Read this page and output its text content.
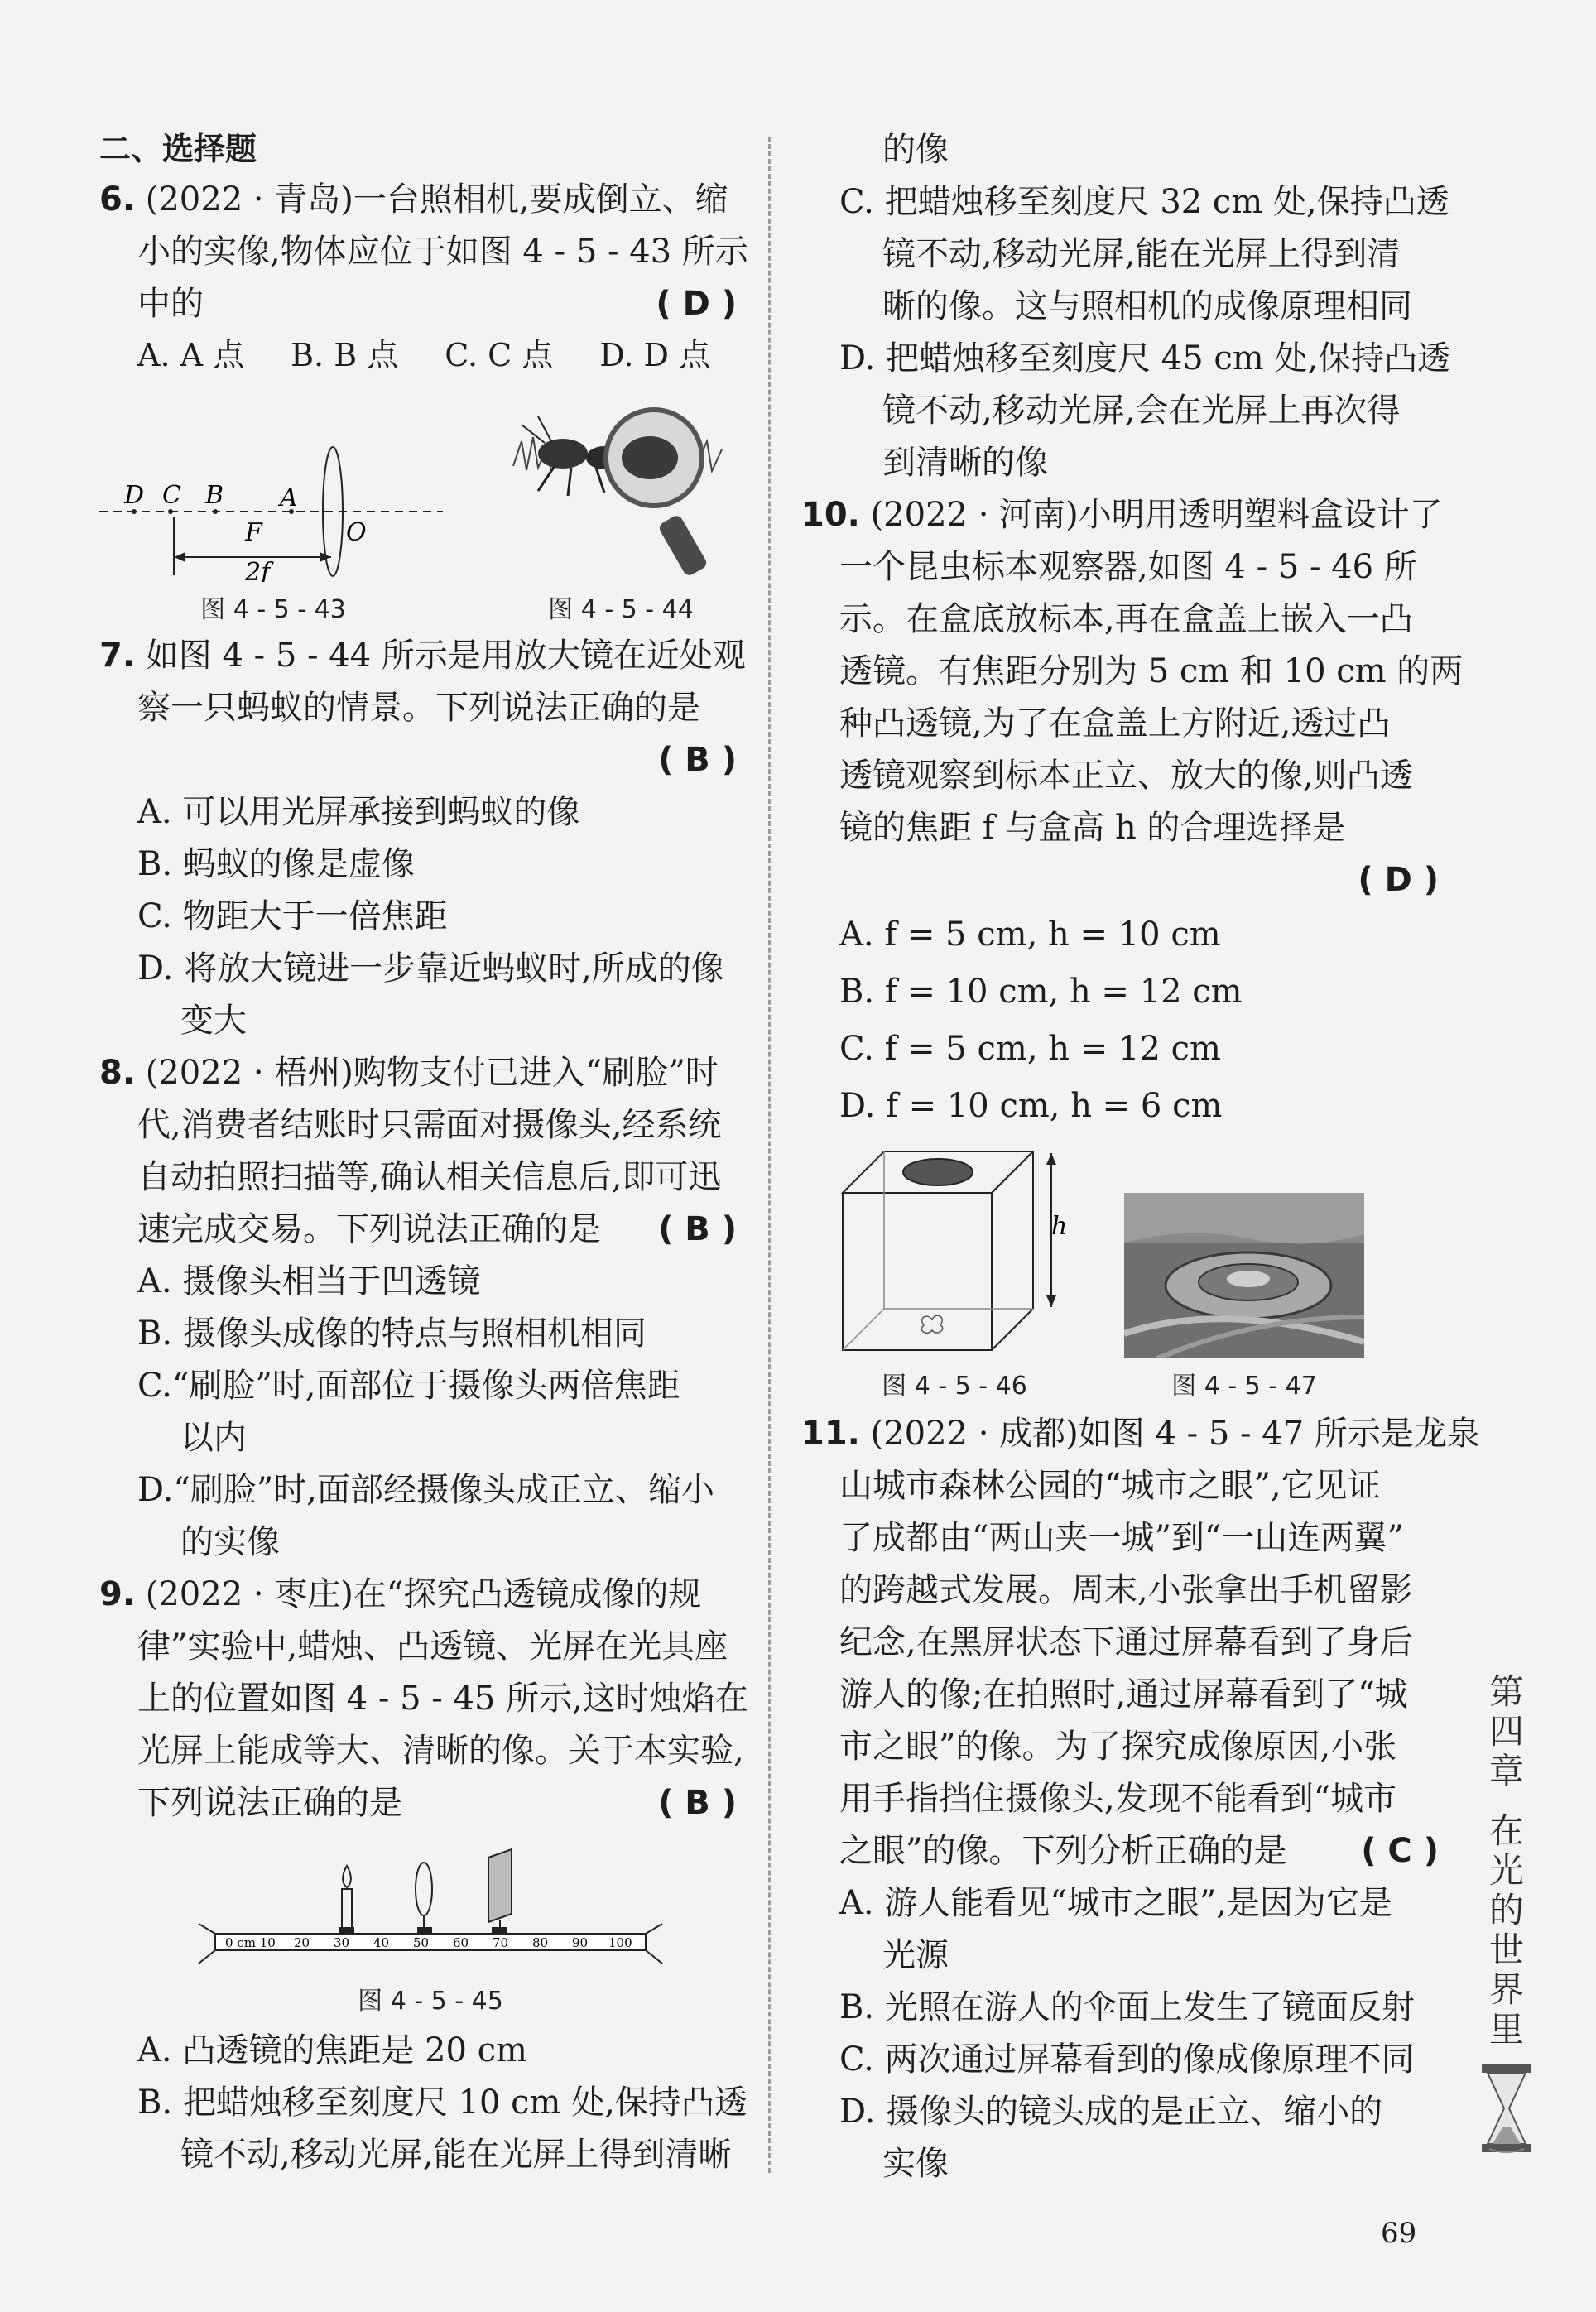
二、选择题
6. (2022 · 青岛)一台照相机,要成倒立、缩
小的实像,物体应位于如图 4 - 5 - 43 所示
中的	( D )
A. A 点 B. B 点 C. C 点 D. D 点
D C B A
F	O
2f
图 4 - 5 - 43	图 4 - 5 - 44
7. 如图 4 - 5 - 44 所示是用放大镜在近处观
察一只蚂蚁的情景。下列说法正确的是
( B )
A. 可以用光屏承接到蚂蚁的像
B. 蚂蚁的像是虚像
C. 物距大于一倍焦距
D. 将放大镜进一步靠近蚂蚁时,所成的像
变大
8. (2022 · 梧州)购物支付已进入“刷脸”时
代,消费者结账时只需面对摄像头,经系统
自动拍照扫描等,确认相关信息后,即可迅
速完成交易。下列说法正确的是 ( B )
A. 摄像头相当于凹透镜
B. 摄像头成像的特点与照相机相同
C.“刷脸”时,面部位于摄像头两倍焦距
以内
D.“刷脸”时,面部经摄像头成正立、缩小
的实像
9. (2022 · 枣庄)在“探究凸透镜成像的规
律”实验中,蜡烛、凸透镜、光屏在光具座
上的位置如图 4 - 5 - 45 所示,这时烛焰在
光屏上能成等大、清晰的像。关于本实验,
下列说法正确的是	( B )
0 cm 10 20 30 40 50 60 70 80 90 100
图 4 - 5 - 45
A. 凸透镜的焦距是 20 cm
B. 把蜡烛移至刻度尺 10 cm 处,保持凸透
镜不动,移动光屏,能在光屏上得到清晰
的像
C. 把蜡烛移至刻度尺 32 cm 处,保持凸透
镜不动,移动光屏,能在光屏上得到清
晰的像。这与照相机的成像原理相同
D. 把蜡烛移至刻度尺 45 cm 处,保持凸透
镜不动,移动光屏,会在光屏上再次得
到清晰的像
10. (2022 · 河南)小明用透明塑料盒设计了
一个昆虫标本观察器,如图 4 - 5 - 46 所
示。在盒底放标本,再在盒盖上嵌入一凸
透镜。有焦距分别为 5 cm 和 10 cm 的两
种凸透镜,为了在盒盖上方附近,透过凸
透镜观察到标本正立、放大的像,则凸透
镜的焦距 f 与盒高 h 的合理选择是
( D )
A. f = 5 cm, h = 10 cm
B. f = 10 cm, h = 12 cm
C. f = 5 cm, h = 12 cm
D. f = 10 cm, h = 6 cm
h
图 4 - 5 - 46	图 4 - 5 - 47
11. (2022 · 成都)如图 4 - 5 - 47 所示是龙泉
山城市森林公园的“城市之眼”,它见证
了成都由“两山夹一城”到“一山连两翼”
的跨越式发展。周末,小张拿出手机留影
纪念,在黑屏状态下通过屏幕看到了身后
游人的像;在拍照时,通过屏幕看到了“城
市之眼”的像。为了探究成像原因,小张
用手指挡住摄像头,发现不能看到“城市
之眼”的像。下列分析正确的是 ( C )
A. 游人能看见“城市之眼”,是因为它是
光源
B. 光照在游人的伞面上发生了镜面反射
C. 两次通过屏幕看到的像成像原理不同
D. 摄像头的镜头成的是正立、缩小的
实像
第
四
章
在
光
的
世
界
里
69
